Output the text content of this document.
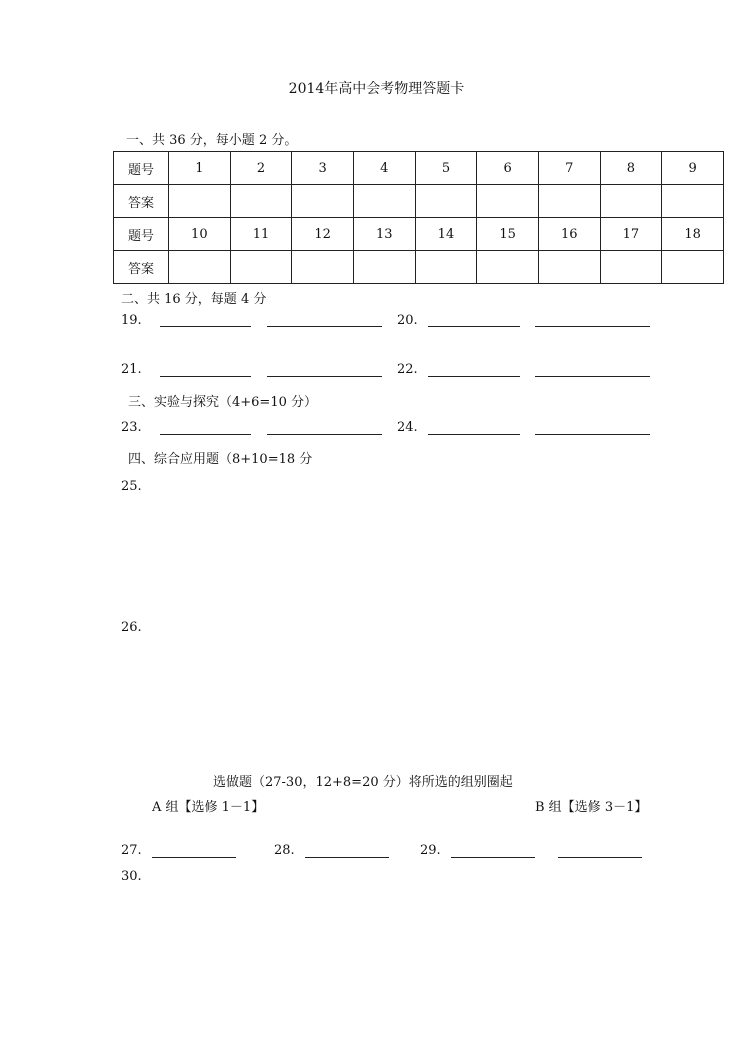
2014年高中会考物理答题卡
一、共 36 分，每小题 2 分。
题号	1	2	3	4	5	6	7	8	9
答案									
题号	10	11	12	13	14	15	16	17	18
答案									
二、共 16 分，每题 4 分
19.	20.
21.	22.
三、实验与探究（4+6=10 分）
23.	24.
四、综合应用题（8+10=18 分
25.
26.
选做题（27-30，12+8=20 分）将所选的组别圈起
A 组【选修 1－1】	B 组【选修 3－1】
27.	28.	29.
30.
